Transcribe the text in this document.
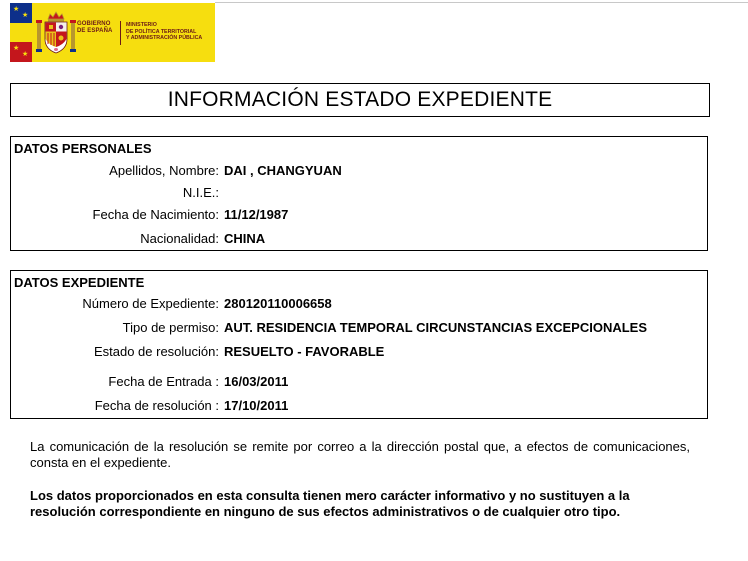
★
★
★
★
★
★
GOBIERNO
DE ESPAÑA
MINISTERIO
DE POLÍTICA TERRITORIAL
Y ADMINISTRACIÓN PÚBLICA
INFORMACIÓN ESTADO EXPEDIENTE
DATOS PERSONALES
Apellidos, Nombre: DAI , CHANGYUAN
N.I.E.:
Fecha de Nacimiento: 11/12/1987
Nacionalidad: CHINA
DATOS EXPEDIENTE
Número de Expediente: 280120110006658
Tipo de permiso: AUT. RESIDENCIA TEMPORAL CIRCUNSTANCIAS EXCEPCIONALES
Estado de resolución: RESUELTO - FAVORABLE
Fecha de Entrada : 16/03/2011
Fecha de resolución : 17/10/2011
La comunicación de la resolución se remite por correo a la dirección postal que, a efectos de comunicaciones, consta en el expediente.
Los datos proporcionados en esta consulta tienen mero carácter informativo y no sustituyen a la resolución correspondiente en ninguno de sus efectos administrativos o de cualquier otro tipo.
